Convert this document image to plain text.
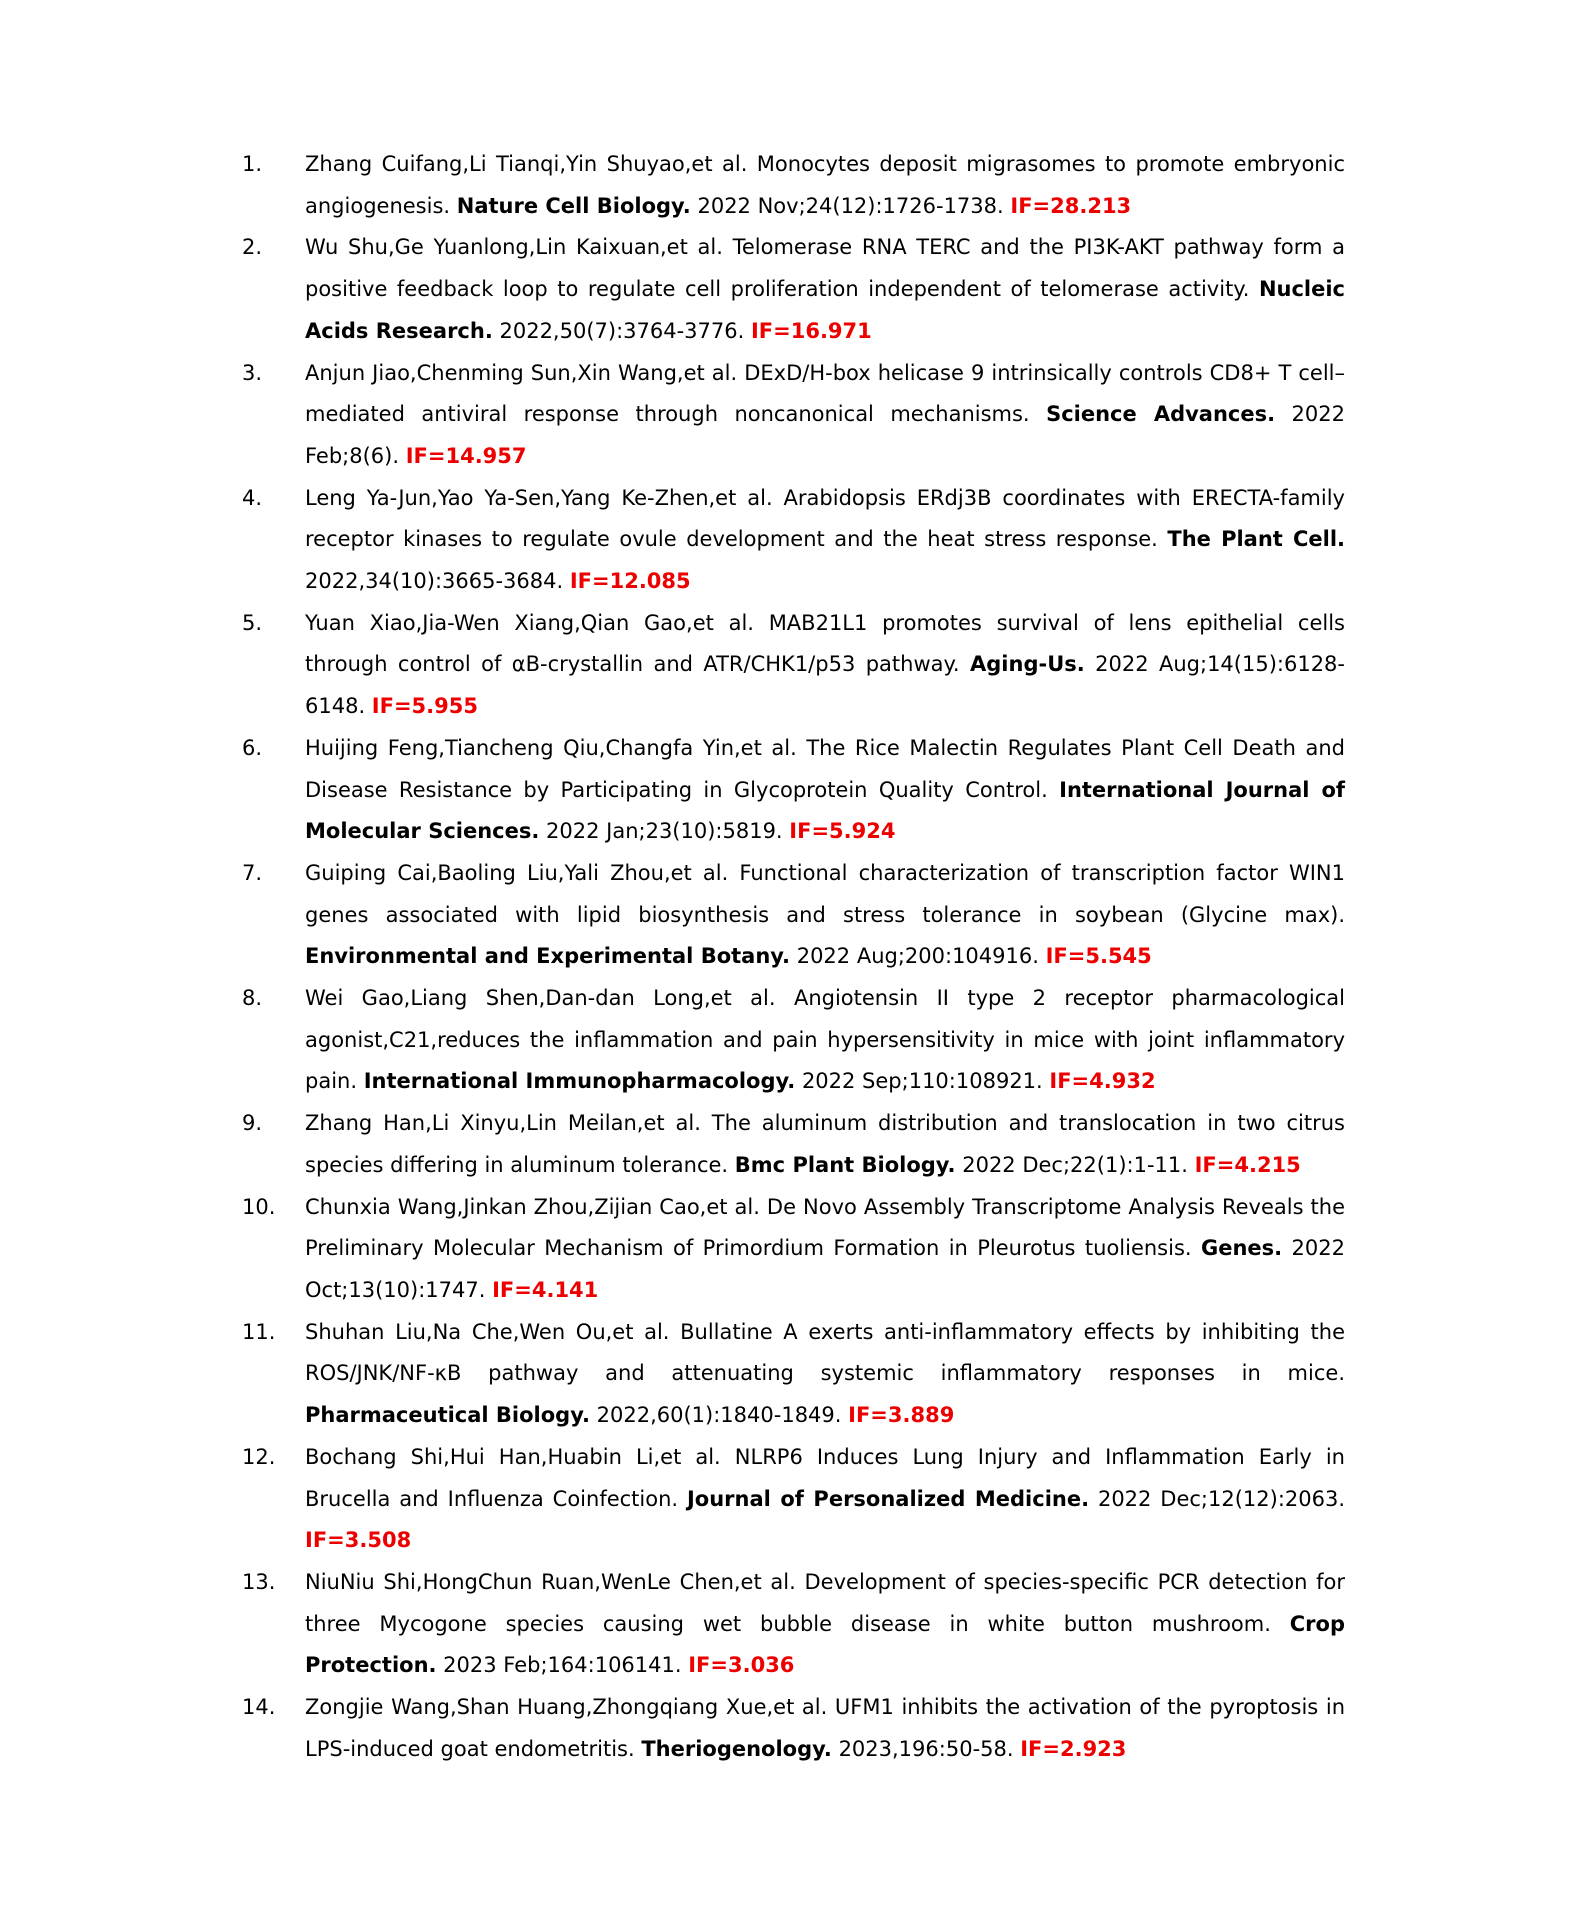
1. Zhang Cuifang,Li Tianqi,Yin Shuyao,et al. Monocytes deposit migrasomes to promote embryonic angiogenesis. Nature Cell Biology. 2022 Nov;24(12):1726-1738. IF=28.213
2. Wu Shu,Ge Yuanlong,Lin Kaixuan,et al. Telomerase RNA TERC and the PI3K-AKT pathway form a positive feedback loop to regulate cell proliferation independent of telomerase activity. Nucleic Acids Research. 2022,50(7):3764-3776. IF=16.971
3. Anjun Jiao,Chenming Sun,Xin Wang,et al. DExD/H-box helicase 9 intrinsically controls CD8+ T cell–mediated antiviral response through noncanonical mechanisms. Science Advances. 2022 Feb;8(6). IF=14.957
4. Leng Ya-Jun,Yao Ya-Sen,Yang Ke-Zhen,et al. Arabidopsis ERdj3B coordinates with ERECTA-family receptor kinases to regulate ovule development and the heat stress response. The Plant Cell. 2022,34(10):3665-3684. IF=12.085
5. Yuan Xiao,Jia-Wen Xiang,Qian Gao,et al. MAB21L1 promotes survival of lens epithelial cells through control of αB-crystallin and ATR/CHK1/p53 pathway. Aging-Us. 2022 Aug;14(15):6128-6148. IF=5.955
6. Huijing Feng,Tiancheng Qiu,Changfa Yin,et al. The Rice Malectin Regulates Plant Cell Death and Disease Resistance by Participating in Glycoprotein Quality Control. International Journal of Molecular Sciences. 2022 Jan;23(10):5819. IF=5.924
7. Guiping Cai,Baoling Liu,Yali Zhou,et al. Functional characterization of transcription factor WIN1 genes associated with lipid biosynthesis and stress tolerance in soybean (Glycine max). Environmental and Experimental Botany. 2022 Aug;200:104916. IF=5.545
8. Wei Gao,Liang Shen,Dan-dan Long,et al. Angiotensin II type 2 receptor pharmacological agonist,C21,reduces the inflammation and pain hypersensitivity in mice with joint inflammatory pain. International Immunopharmacology. 2022 Sep;110:108921. IF=4.932
9. Zhang Han,Li Xinyu,Lin Meilan,et al. The aluminum distribution and translocation in two citrus species differing in aluminum tolerance. Bmc Plant Biology. 2022 Dec;22(1):1-11. IF=4.215
10. Chunxia Wang,Jinkan Zhou,Zijian Cao,et al. De Novo Assembly Transcriptome Analysis Reveals the Preliminary Molecular Mechanism of Primordium Formation in Pleurotus tuoliensis. Genes. 2022 Oct;13(10):1747. IF=4.141
11. Shuhan Liu,Na Che,Wen Ou,et al. Bullatine A exerts anti-inflammatory effects by inhibiting the ROS/JNK/NF-κB pathway and attenuating systemic inflammatory responses in mice. Pharmaceutical Biology. 2022,60(1):1840-1849. IF=3.889
12. Bochang Shi,Hui Han,Huabin Li,et al. NLRP6 Induces Lung Injury and Inflammation Early in Brucella and Influenza Coinfection. Journal of Personalized Medicine. 2022 Dec;12(12):2063. IF=3.508
13. NiuNiu Shi,HongChun Ruan,WenLe Chen,et al. Development of species-specific PCR detection for three Mycogone species causing wet bubble disease in white button mushroom. Crop Protection. 2023 Feb;164:106141. IF=3.036
14. Zongjie Wang,Shan Huang,Zhongqiang Xue,et al. UFM1 inhibits the activation of the pyroptosis in LPS-induced goat endometritis. Theriogenology. 2023,196:50-58. IF=2.923
